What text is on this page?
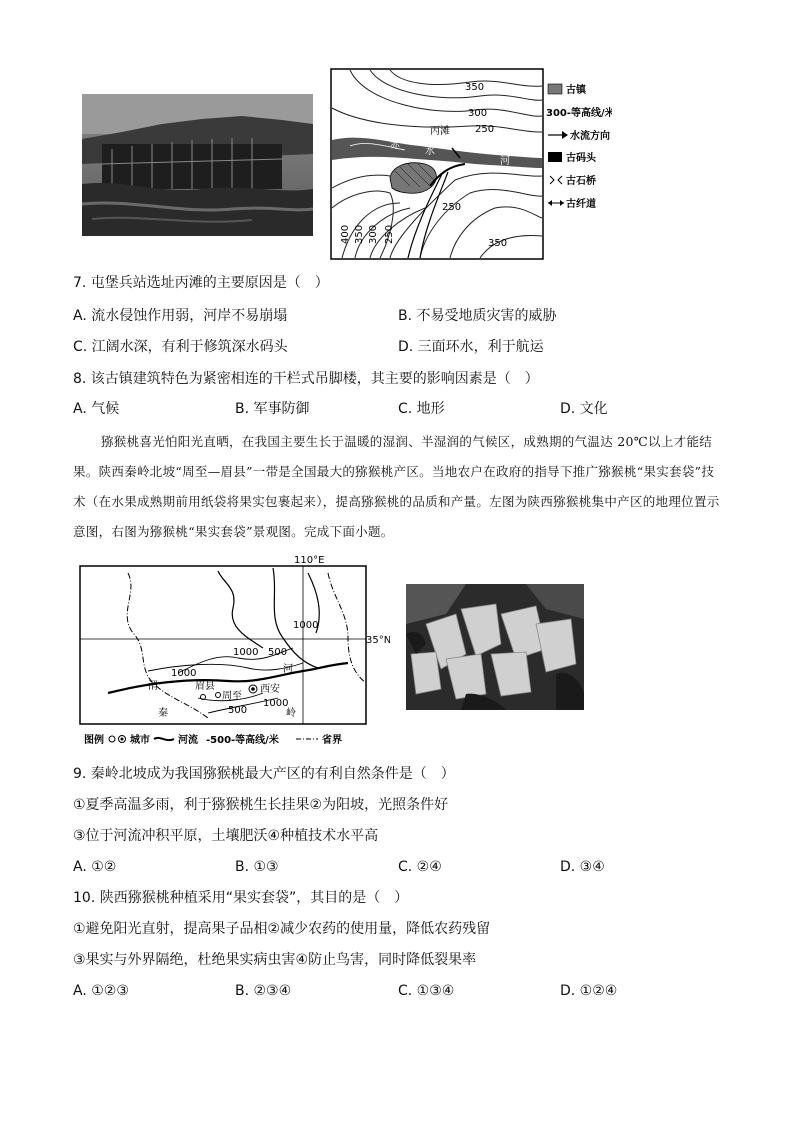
350
300
250
丙滩
赤
水
河
250
350
400 350 300 250
古镇
300-等高线/米
水流方向
古码头
古石桥
古纤道
7. 屯堡兵站选址丙滩的主要原因是（　）
A. 流水侵蚀作用弱，河岸不易崩塌	B. 不易受地质灾害的威胁
C. 江阔水深，有利于修筑深水码头	D. 三面环水，利于航运
8. 该古镇建筑特色为紧密相连的干栏式吊脚楼，其主要的影响因素是（　）
A. 气候	B. 军事防御	C. 地形	D. 文化
猕猴桃喜光怕阳光直晒，在我国主要生长于温暖的湿润、半湿润的气候区，成熟期的气温达 20℃以上才能结果。陕西秦岭北坡“周至—眉县”一带是全国最大的猕猴桃产区。当地农户在政府的指导下推广猕猴桃“果实套袋”技术（在水果成熟期前用纸袋将果实包裹起来），提高猕猴桃的品质和产量。左图为陕西猕猴桃集中产区的地理位置示意图，右图为猕猴桃“果实套袋”景观图。完成下面小题。
110°E
35°N
1000
1000 500
1000	河
渭	眉县
周至
西安
500
1000
秦	岭
图例	城市	河流 -500-等高线/米	省界
9. 秦岭北坡成为我国猕猴桃最大产区的有利自然条件是（　）
①夏季高温多雨，利于猕猴桃生长挂果②为阳坡，光照条件好
③位于河流冲积平原，土壤肥沃④种植技术水平高
A. ①②	B. ①③	C. ②④	D. ③④
10. 陕西猕猴桃种植采用“果实套袋”，其目的是（　）
①避免阳光直射，提高果子品相②减少农药的使用量，降低农药残留
③果实与外界隔绝，杜绝果实病虫害④防止鸟害，同时降低裂果率
A. ①②③	B. ②③④	C. ①③④	D. ①②④
